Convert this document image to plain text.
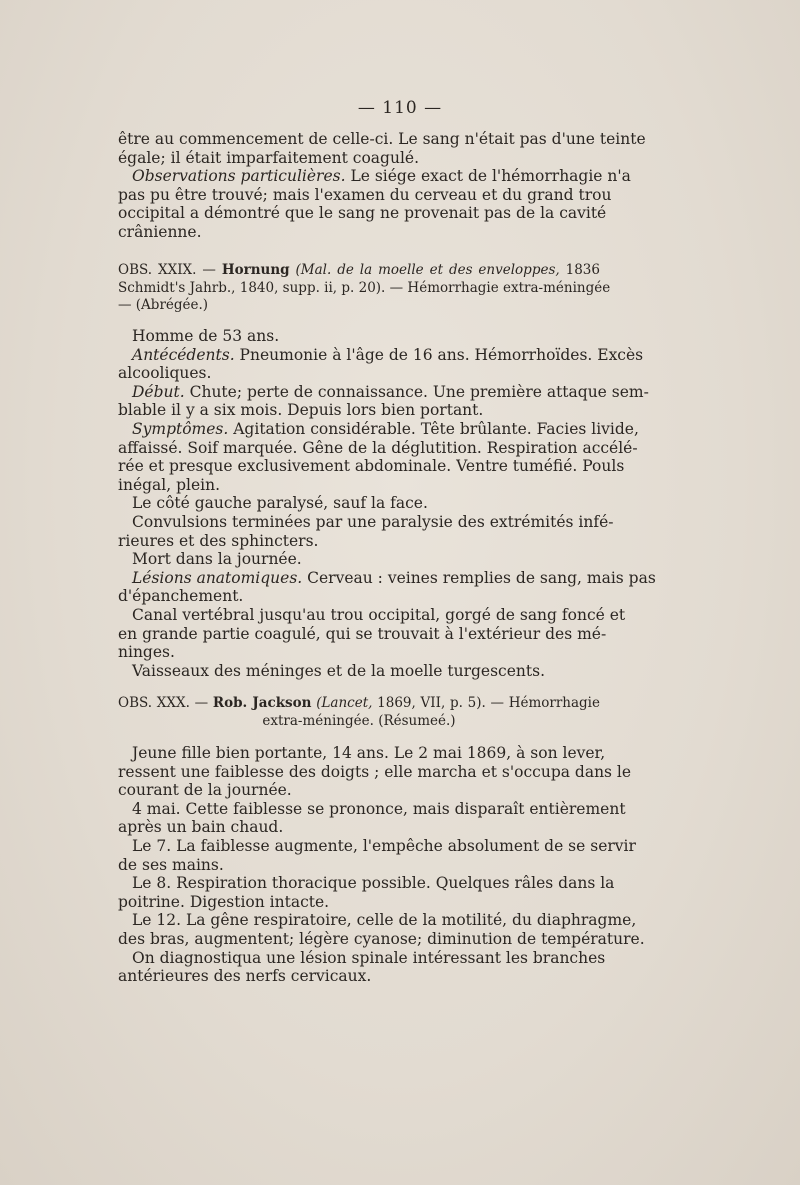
— 110 —
être au commencement de celle-ci. Le sang n'était pas d'une teinte
égale; il était imparfaitement coagulé.
Observations particulières. Le siége exact de l'hémorrhagie n'a
pas pu être trouvé; mais l'examen du cerveau et du grand trou
occipital a démontré que le sang ne provenait pas de la cavité
crânienne.
OBS. XXIX. — Hornung (Mal. de la moelle et des enveloppes, 1836
Schmidt's Jahrb., 1840, supp. ii, p. 20). — Hémorrhagie extra-méningée
— (Abrégée.)
Homme de 53 ans.
Antécédents. Pneumonie à l'âge de 16 ans. Hémorrhoïdes. Excès
alcooliques.
Début. Chute; perte de connaissance. Une première attaque sem-
blable il y a six mois. Depuis lors bien portant.
Symptômes. Agitation considérable. Tête brûlante. Facies livide,
affaissé. Soif marquée. Gêne de la déglutition. Respiration accélé-
rée et presque exclusivement abdominale. Ventre tuméfié. Pouls
inégal, plein.
Le côté gauche paralysé, sauf la face.
Convulsions terminées par une paralysie des extrémités infé-
rieures et des sphincters.
Mort dans la journée.
Lésions anatomiques. Cerveau : veines remplies de sang, mais pas
d'épanchement.
Canal vertébral jusqu'au trou occipital, gorgé de sang foncé et
en grande partie coagulé, qui se trouvait à l'extérieur des mé-
ninges.
Vaisseaux des méninges et de la moelle turgescents.
OBS. XXX. — Rob. Jackson (Lancet, 1869, VII, p. 5). — Hémorrhagie
extra-méningée. (Résumeé.)
Jeune fille bien portante, 14 ans. Le 2 mai 1869, à son lever,
ressent une faiblesse des doigts ; elle marcha et s'occupa dans le
courant de la journée.
4 mai. Cette faiblesse se prononce, mais disparaît entièrement
après un bain chaud.
Le 7. La faiblesse augmente, l'empêche absolument de se servir
de ses mains.
Le 8. Respiration thoracique possible. Quelques râles dans la
poitrine. Digestion intacte.
Le 12. La gêne respiratoire, celle de la motilité, du diaphragme,
des bras, augmentent; légère cyanose; diminution de température.
On diagnostiqua une lésion spinale intéressant les branches
antérieures des nerfs cervicaux.
